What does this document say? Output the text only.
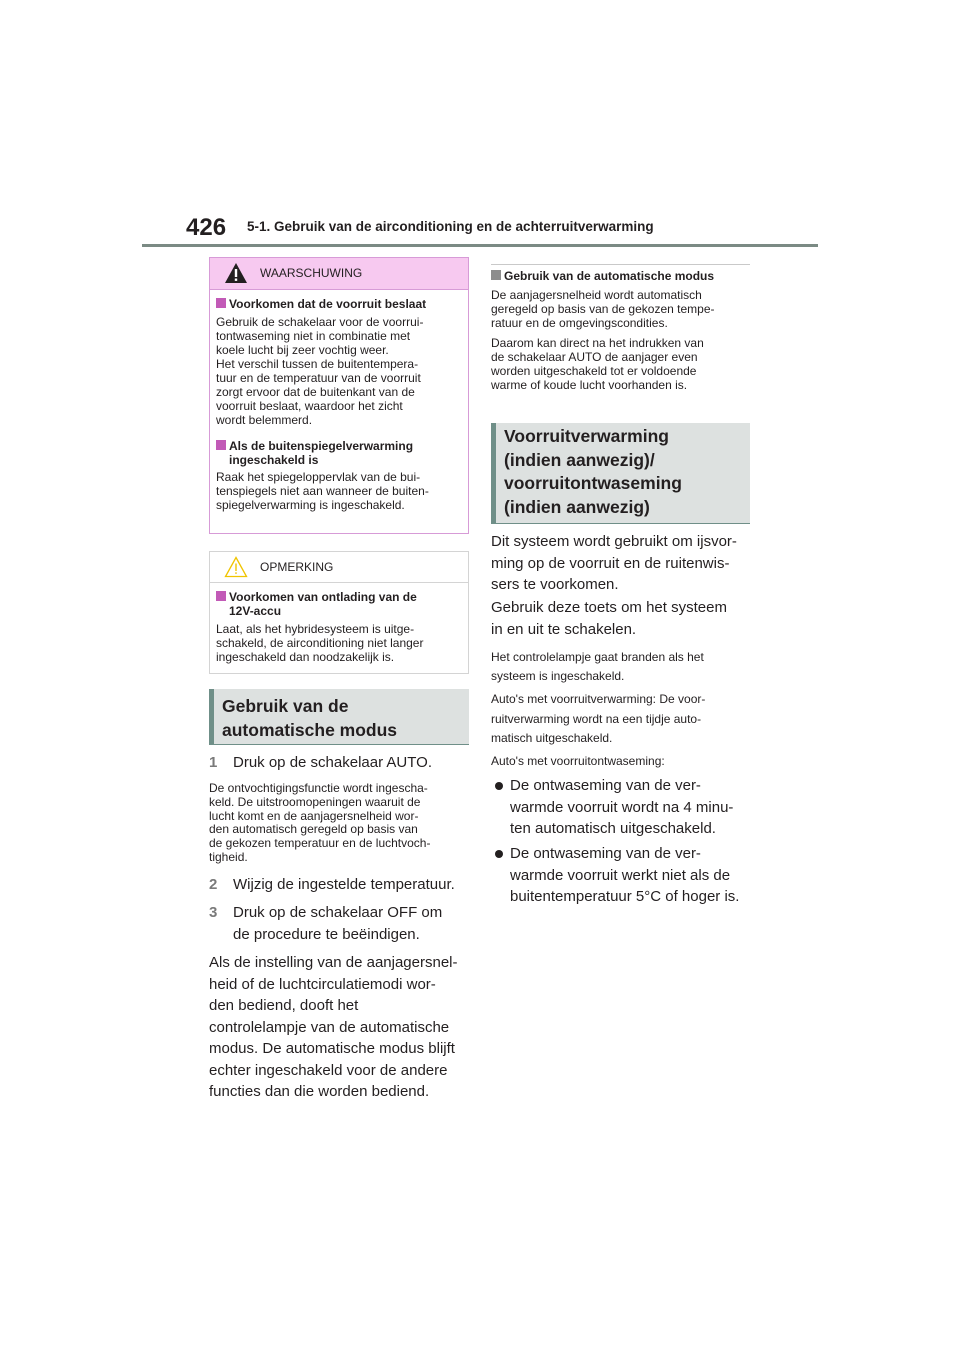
426 5-1. Gebruik van de airconditioning en de achterruitverwarming
WAARSCHUWING
Voorkomen dat de voorruit beslaat
Gebruik de schakelaar voor de voorrui-
tontwaseming niet in combinatie met
koele lucht bij zeer vochtig weer.
Het verschil tussen de buitentempera-
tuur en de temperatuur van de voorruit
zorgt ervoor dat de buitenkant van de
voorruit beslaat, waardoor het zicht
wordt belemmerd.
Als de buitenspiegelverwarming
ingeschakeld is
Raak het spiegeloppervlak van de bui-
tenspiegels niet aan wanneer de buiten-
spiegelverwarming is ingeschakeld.
OPMERKING
Voorkomen van ontlading van de
12V-accu
Laat, als het hybridesysteem is uitge-
schakeld, de airconditioning niet langer
ingeschakeld dan noodzakelijk is.
Gebruik van de
automatische modus
1 Druk op de schakelaar AUTO.
De ontvochtigingsfunctie wordt ingescha-
keld. De uitstroomopeningen waaruit de
lucht komt en de aanjagersnelheid wor-
den automatisch geregeld op basis van
de gekozen temperatuur en de luchtvoch-
tigheid.
2 Wijzig de ingestelde temperatuur.
3 Druk op de schakelaar OFF om
de procedure te beëindigen.
Als de instelling van de aanjagersnel-
heid of de luchtcirculatiemodi wor-
den bediend, dooft het
controlelampje van de automatische
modus. De automatische modus blijft
echter ingeschakeld voor de andere
functies dan die worden bediend.
Gebruik van de automatische modus
De aanjagersnelheid wordt automatisch
geregeld op basis van de gekozen tempe-
ratuur en de omgevingscondities.
Daarom kan direct na het indrukken van
de schakelaar AUTO de aanjager even
worden uitgeschakeld tot er voldoende
warme of koude lucht voorhanden is.
Voorruitverwarming
(indien aanwezig)/
voorruitontwaseming
(indien aanwezig)
Dit systeem wordt gebruikt om ijsvor-
ming op de voorruit en de ruitenwis-
sers te voorkomen.
Gebruik deze toets om het systeem
in en uit te schakelen.
Het controlelampje gaat branden als het
systeem is ingeschakeld.
Auto's met voorruitverwarming: De voor-
ruitverwarming wordt na een tijdje auto-
matisch uitgeschakeld.
Auto's met voorruitontwaseming:
De ontwaseming van de ver-
warmde voorruit wordt na 4 minu-
ten automatisch uitgeschakeld.
De ontwaseming van de ver-
warmde voorruit werkt niet als de
buitentemperatuur 5°C of hoger is.
